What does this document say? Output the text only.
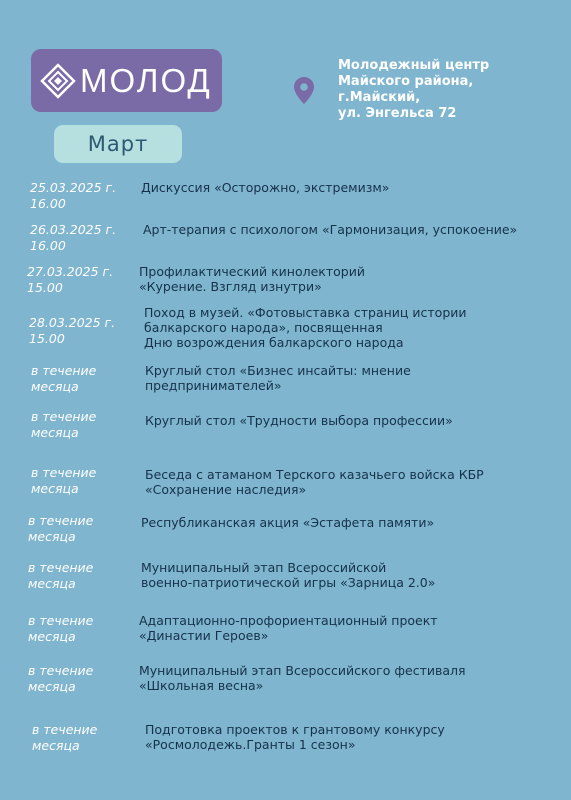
МОЛОД
Март
Молодежный центр
Майского района,
г.Майский,
ул. Энгельса 72
25.03.2025 г.
16.00
Дискуссия «Осторожно, экстремизм»
26.03.2025 г.
16.00
Арт-терапия с психологом «Гармонизация, успокоение»
27.03.2025 г.
15.00
Профилактический кинолекторий
«Курение. Взгляд изнутри»
28.03.2025 г.
15.00
Поход в музей. «Фотовыставка страниц истории
балкарского народа», посвященная
Дню возрождения балкарского народа
в течение
месяца
Круглый стол «Бизнес инсайты: мнение
предпринимателей»
в течение
месяца
Круглый стол «Трудности выбора профессии»
в течение
месяца
Беседа с атаманом Терского казачьего войска КБР
«Сохранение наследия»
в течение
месяца
Республиканская акция «Эстафета памяти»
в течение
месяца
Муниципальный этап Всероссийской
военно-патриотической игры «Зарница 2.0»
в течение
месяца
Адаптационно-профориентационный проект
«Династии Героев»
в течение
месяца
Муниципальный этап Всероссийского фестиваля
«Школьная весна»
в течение
месяца
Подготовка проектов к грантовому конкурсу
«Росмолодежь.Гранты 1 сезон»
